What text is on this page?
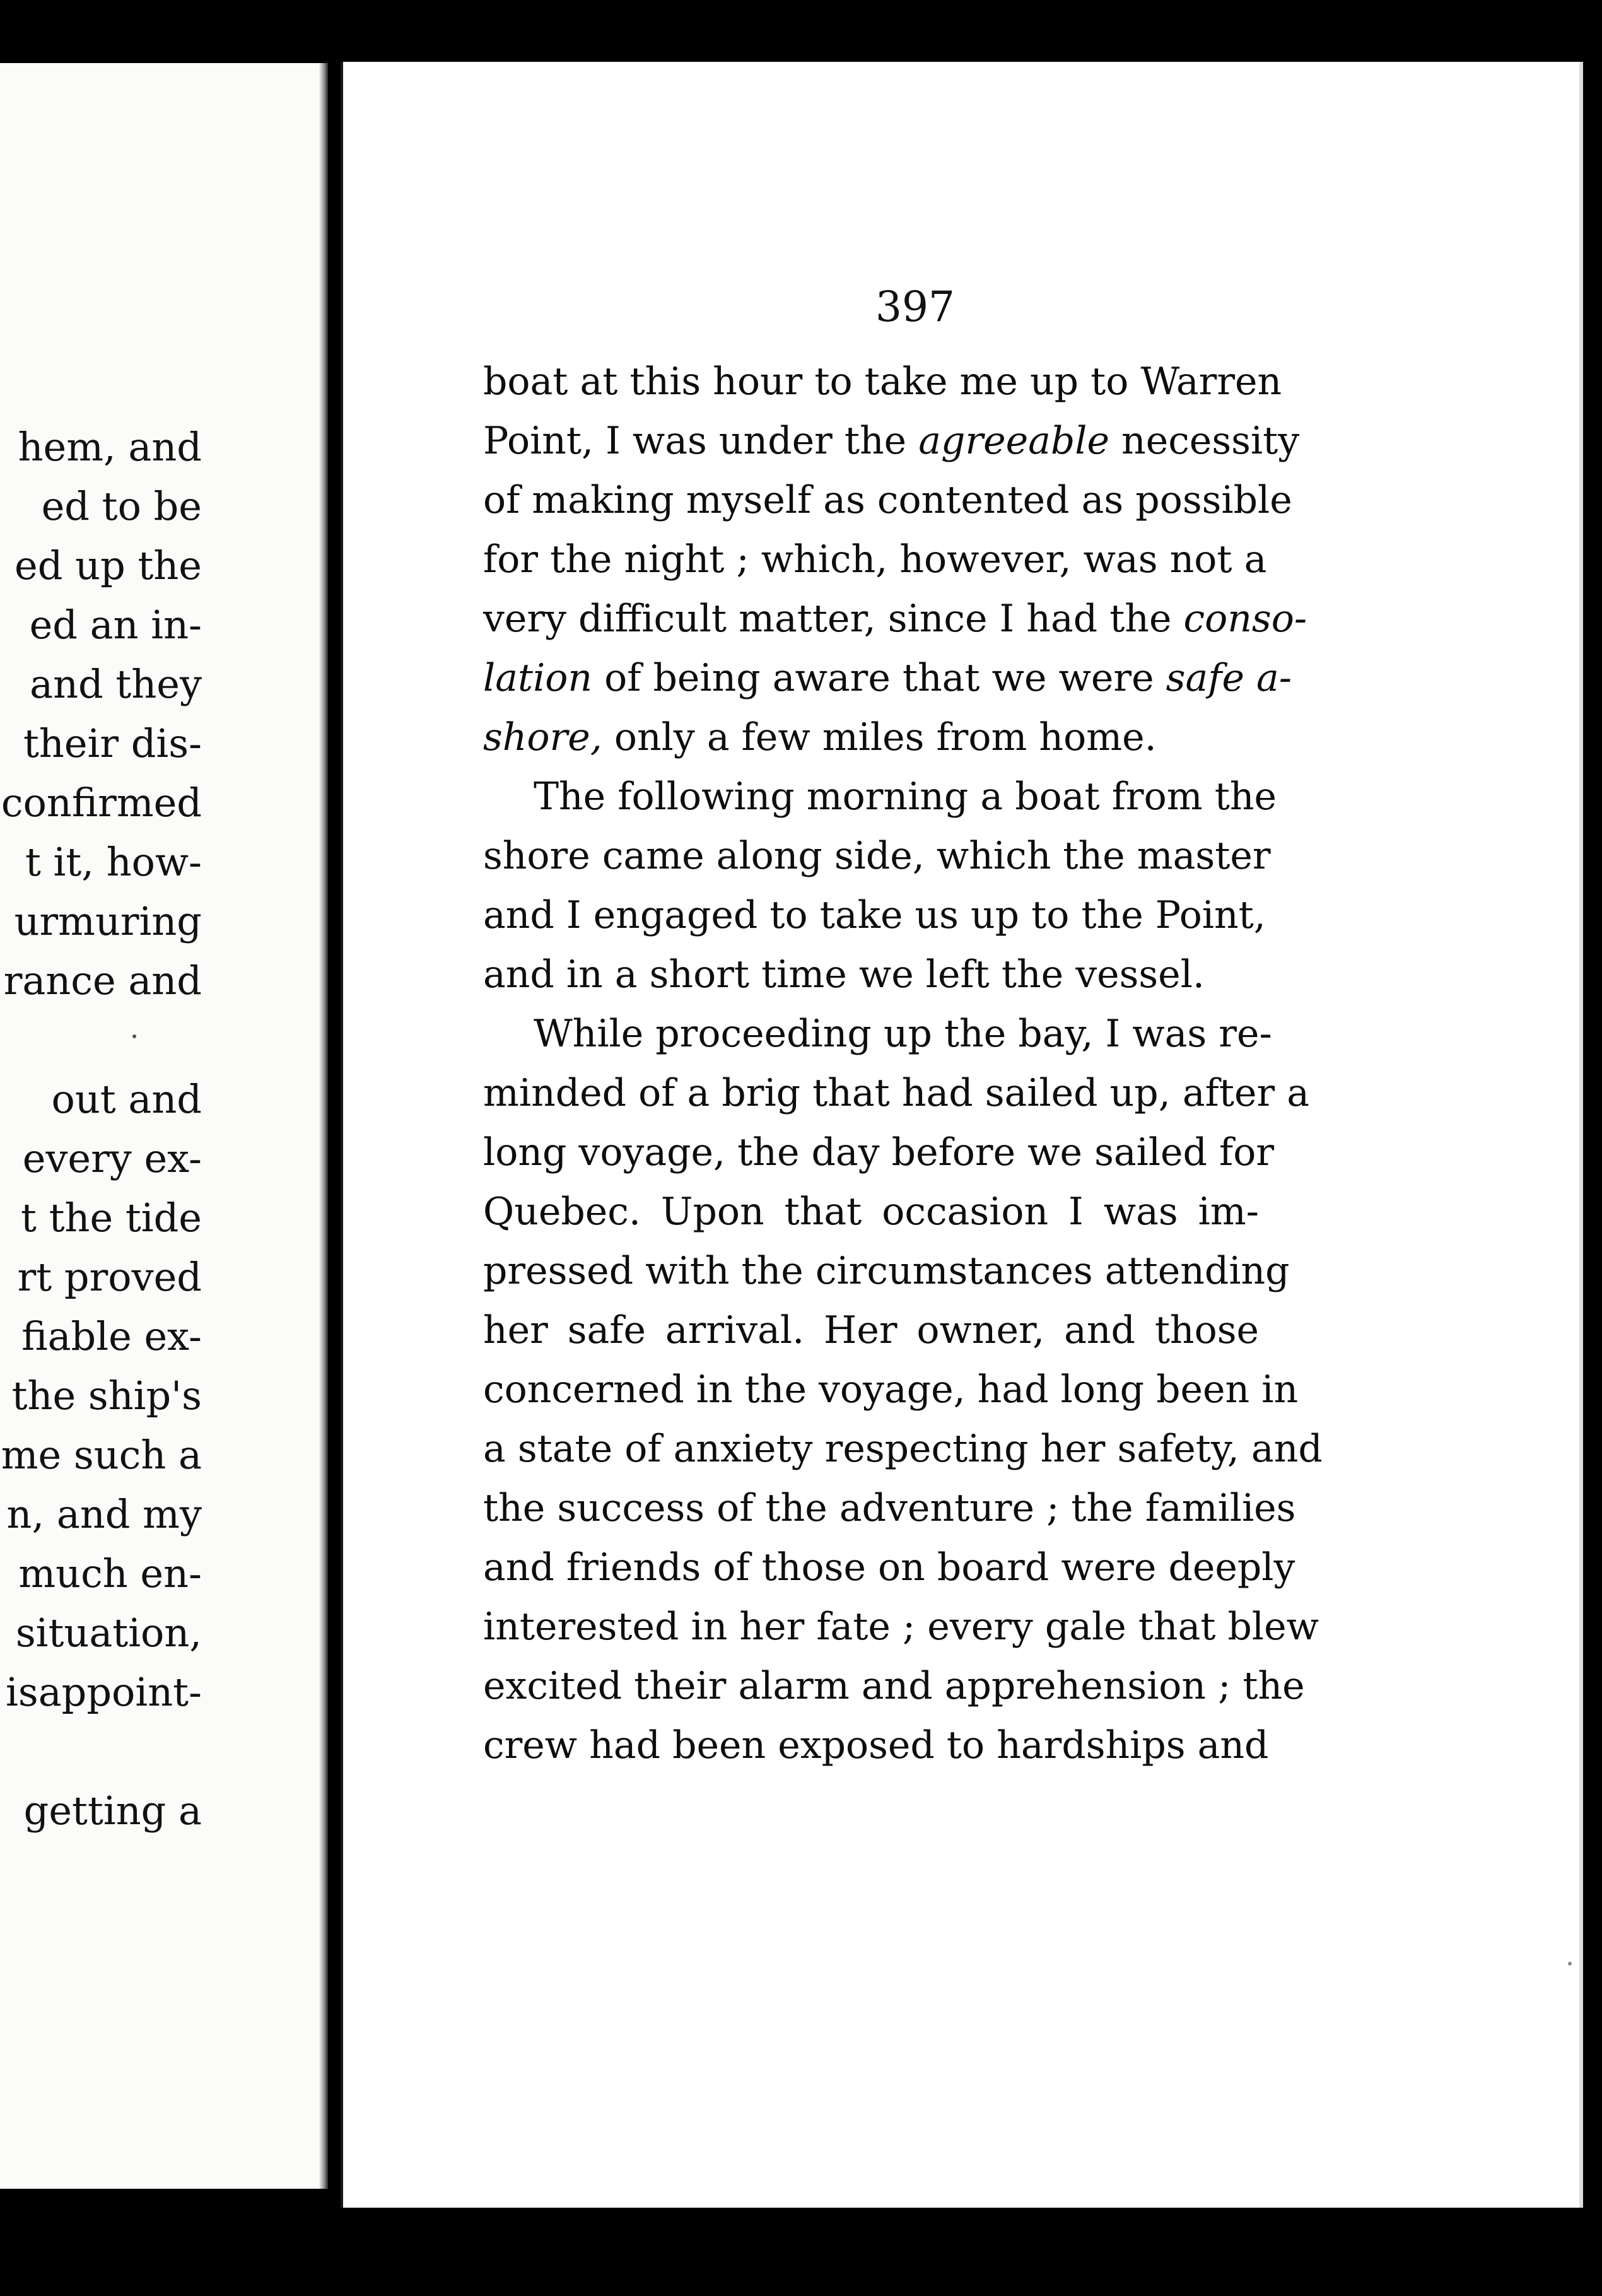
hem, and
ed to be
ed up the
ed an in-
and they
their dis-
confirmed
t it, how-
urmuring
rance and
out and
every ex-
t the tide
rt proved
fiable ex-
the ship's
me such a
n, and my
much en-
situation,
isappoint-
getting a
397
boat at this hour to take me up to Warren
Point, I was under the agreeable necessity
of making myself as contented as possible
for the night ; which, however, was not a
very difficult matter, since I had the conso-
lation of being aware that we were safe a-
shore, only a few miles from home.
The following morning a boat from the
shore came along side, which the master
and I engaged to take us up to the Point,
and in a short time we left the vessel.
While proceeding up the bay, I was re-
minded of a brig that had sailed up, after a
long voyage, the day before we sailed for
Quebec. Upon that occasion I was im-
pressed with the circumstances attending
her safe arrival. Her owner, and those
concerned in the voyage, had long been in
a state of anxiety respecting her safety, and
the success of the adventure ; the families
and friends of those on board were deeply
interested in her fate ; every gale that blew
excited their alarm and apprehension ; the
crew had been exposed to hardships and
